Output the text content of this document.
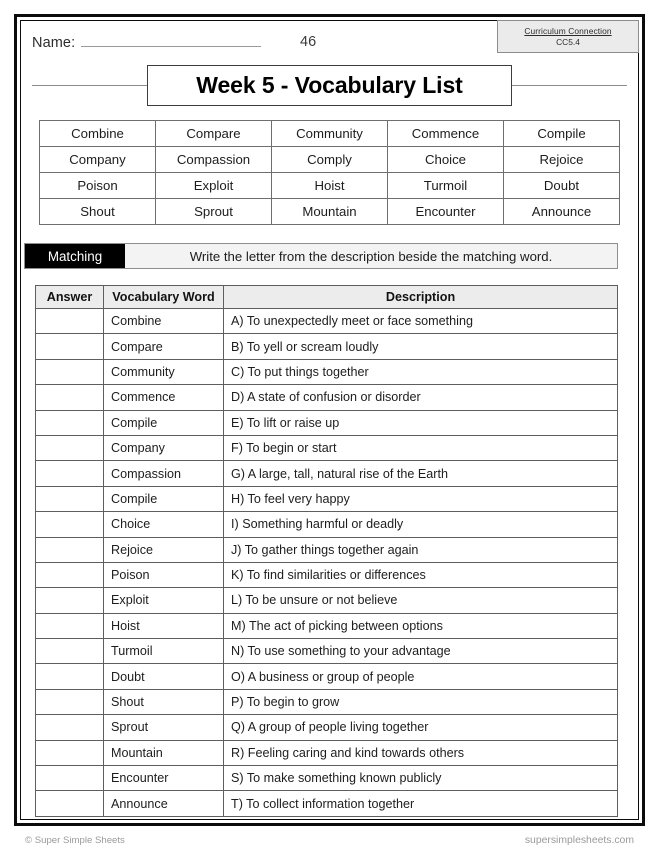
Name:	46
Curriculum Connection
CC5.4
Week 5 - Vocabulary List
Combine	Compare	Community	Commence	Compile
Company	Compassion	Comply	Choice	Rejoice
Poison	Exploit	Hoist	Turmoil	Doubt
Shout	Sprout	Mountain	Encounter	Announce
Matching	Write the letter from the description beside the matching word.
Answer	Vocabulary Word	Description
	Combine	A) To unexpectedly meet or face something
	Compare	B) To yell or scream loudly
	Community	C) To put things together
	Commence	D) A state of confusion or disorder
	Compile	E) To lift or raise up
	Company	F) To begin or start
	Compassion	G) A large, tall, natural rise of the Earth
	Compile	H) To feel very happy
	Choice	I) Something harmful or deadly
	Rejoice	J) To gather things together again
	Poison	K) To find similarities or differences
	Exploit	L) To be unsure or not believe
	Hoist	M) The act of picking between options
	Turmoil	N) To use something to your advantage
	Doubt	O) A business or group of people
	Shout	P) To begin to grow
	Sprout	Q) A group of people living together
	Mountain	R) Feeling caring and kind towards others
	Encounter	S) To make something known publicly
	Announce	T) To collect information together
© Super Simple Sheets	supersimplesheets.com
